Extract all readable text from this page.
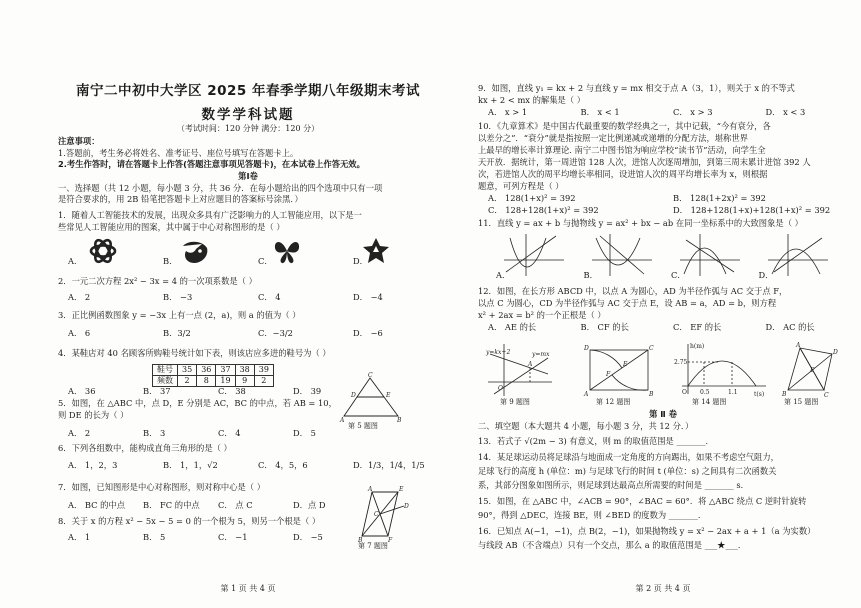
南宁二中初中大学区 2025 年春季学期八年级期末考试
数学学科试题
（考试时间：120 分钟 满分：120 分）
注意事项：
1.答题前，考生务必将姓名、准考证号、座位号填写在答题卡上。
2.考生作答时，请在答题卡上作答(答题注意事项见答题卡)，在本试卷上作答无效。
第Ⅰ卷
一、选择题（共 12 小题，每小题 3 分，共 36 分．在每小题给出的四个选项中只有一项
是符合要求的，用 2B 铅笔把答题卡上对应题目的答案标号涂黑．）
1．随着人工智能技术的发展，出现众多具有广泛影响力的人工智能应用，以下是一
些常见人工智能应用的图案，其中属于中心对称图形的是（ ）
A．	B．	C．	D．
2．一元二次方程 2x² − 3x = 4 的一次项系数是（ ）
A． 2	B． −3	C． 4	D． −4
3．正比例函数图象 y = −3x 上有一点 (2，a)，则 a 的值为（ ）
A． 6	B．3/2	C．−3/2	D． −6
4．某鞋店对 40 名顾客所购鞋号统计如下表，则该店应多进的鞋号为（ ）
鞋号	35	36	37	38	39
频数	2	8	19	9	2
A． 36	B． 37	C． 38	D． 39
5．如图，在 △ABC 中，点 D，E 分别是 AC，BC 的中点，若 AB = 10，
则 DE 的长为（ ）
A． 2	B． 3	C． 4	D． 5
C
A	B
D	E
第 5 题图
6．下列各组数中，能构成直角三角形的是（ ）
A． 1，2，3	B． 1，1，√2	C． 4，5，6	D．1/3，1/4，1/5
7．如图，已知图形是中心对称图形，则对称中心是（ ）
A． BC 的中点	B． FC 的中点	C． 点 C	D．点 D
8．关于 x 的方程 x² − 5x − 5 = 0 的一个根为 5，则另一个根是（ ）
A． 1	B． 5	C． −1	D． −5
A	E
B	F
D
C
第 7 题图
第 1 页 共 4 页
9．如图，直线 y₁ = kx + 2 与直线 y = mx 相交于点 A（3，1），则关于 x 的不等式
kx + 2 < mx 的解集是（ ）
A． x > 1	B． x < 1	C． x > 3	D． x < 3
10．《九章算术》是中国古代最重要的数学经典之一，其中记载，“今有衰分，各
以差分之”．“衰分”就是指按照一定比例递减或递增的分配方法，堪称世界
上最早的增长率计算理论. 南宁二中图书馆为响应学校“读书节”活动，向学生全
天开放．据统计，第一周进馆 128 人次，进馆人次逐周增加，到第三周末累计进馆 392 人
次，若进馆人次的周平均增长率相同，设进馆人次的周平均增长率为 x，则根据
题意，可列方程是（ ）
A． 128(1+x)² = 392	B． 128(1+2x)² = 392
C． 128+128(1+x)² = 392	D． 128+128(1+x)+128(1+x)² = 392
11．直线 y = ax + b 与抛物线 y = ax² + bx − ab 在同一坐标系中的大致图象是（ ）
A．	B．	C．	D．
12．如图，在长方形 ABCD 中，以点 A 为圆心，AD 为半径作弧与 AC 交于点 F，
以点 C 为圆心，CD 为半径作弧与 AC 交于点 E，设 AB = a，AD = b，则方程
x² + 2ax = b² 的一个正根是（ ）
A． AE 的长	B． CF 的长	C． EF 的长	D． AC 的长
y=kx+2	y=mx
A
O
第 9 题图
D	C
A	B
E
F
第 12 题图
h(m)
t(s)
2.75
0.5	1.1
O
第 14 题图
A
B	C
D
E
第 15 题图
第 Ⅱ 卷
二、填空题（本大题共 4 小题，每小题 3 分，共 12 分．）
13．若式子 √(2m − 3) 有意义，则 m 的取值范围是 _______．
14．某足球运动员将足球沿与地面成一定角度的方向踢出，如果不考虑空气阻力，
足球飞行的高度 h (单位：m) 与足球飞行的时间 t (单位：s) 之间具有二次函数关
系，其部分图象如图所示，则足球到达最高点所需要的时间是 _______ s．
15．如图，在 △ABC 中，∠ACB = 90°，∠BAC = 60°．将 △ABC 绕点 C 逆时针旋转
90°，得到 △DEC，连接 BE，则 ∠BED 的度数为 _______．
16．已知点 A(−1，−1)，点 B(2，−1)，如果抛物线 y = x² − 2ax + a + 1（a 为实数）
与线段 AB（不含端点）只有一个交点，那么 a 的取值范围是 ___★___．
第 2 页 共 4 页
